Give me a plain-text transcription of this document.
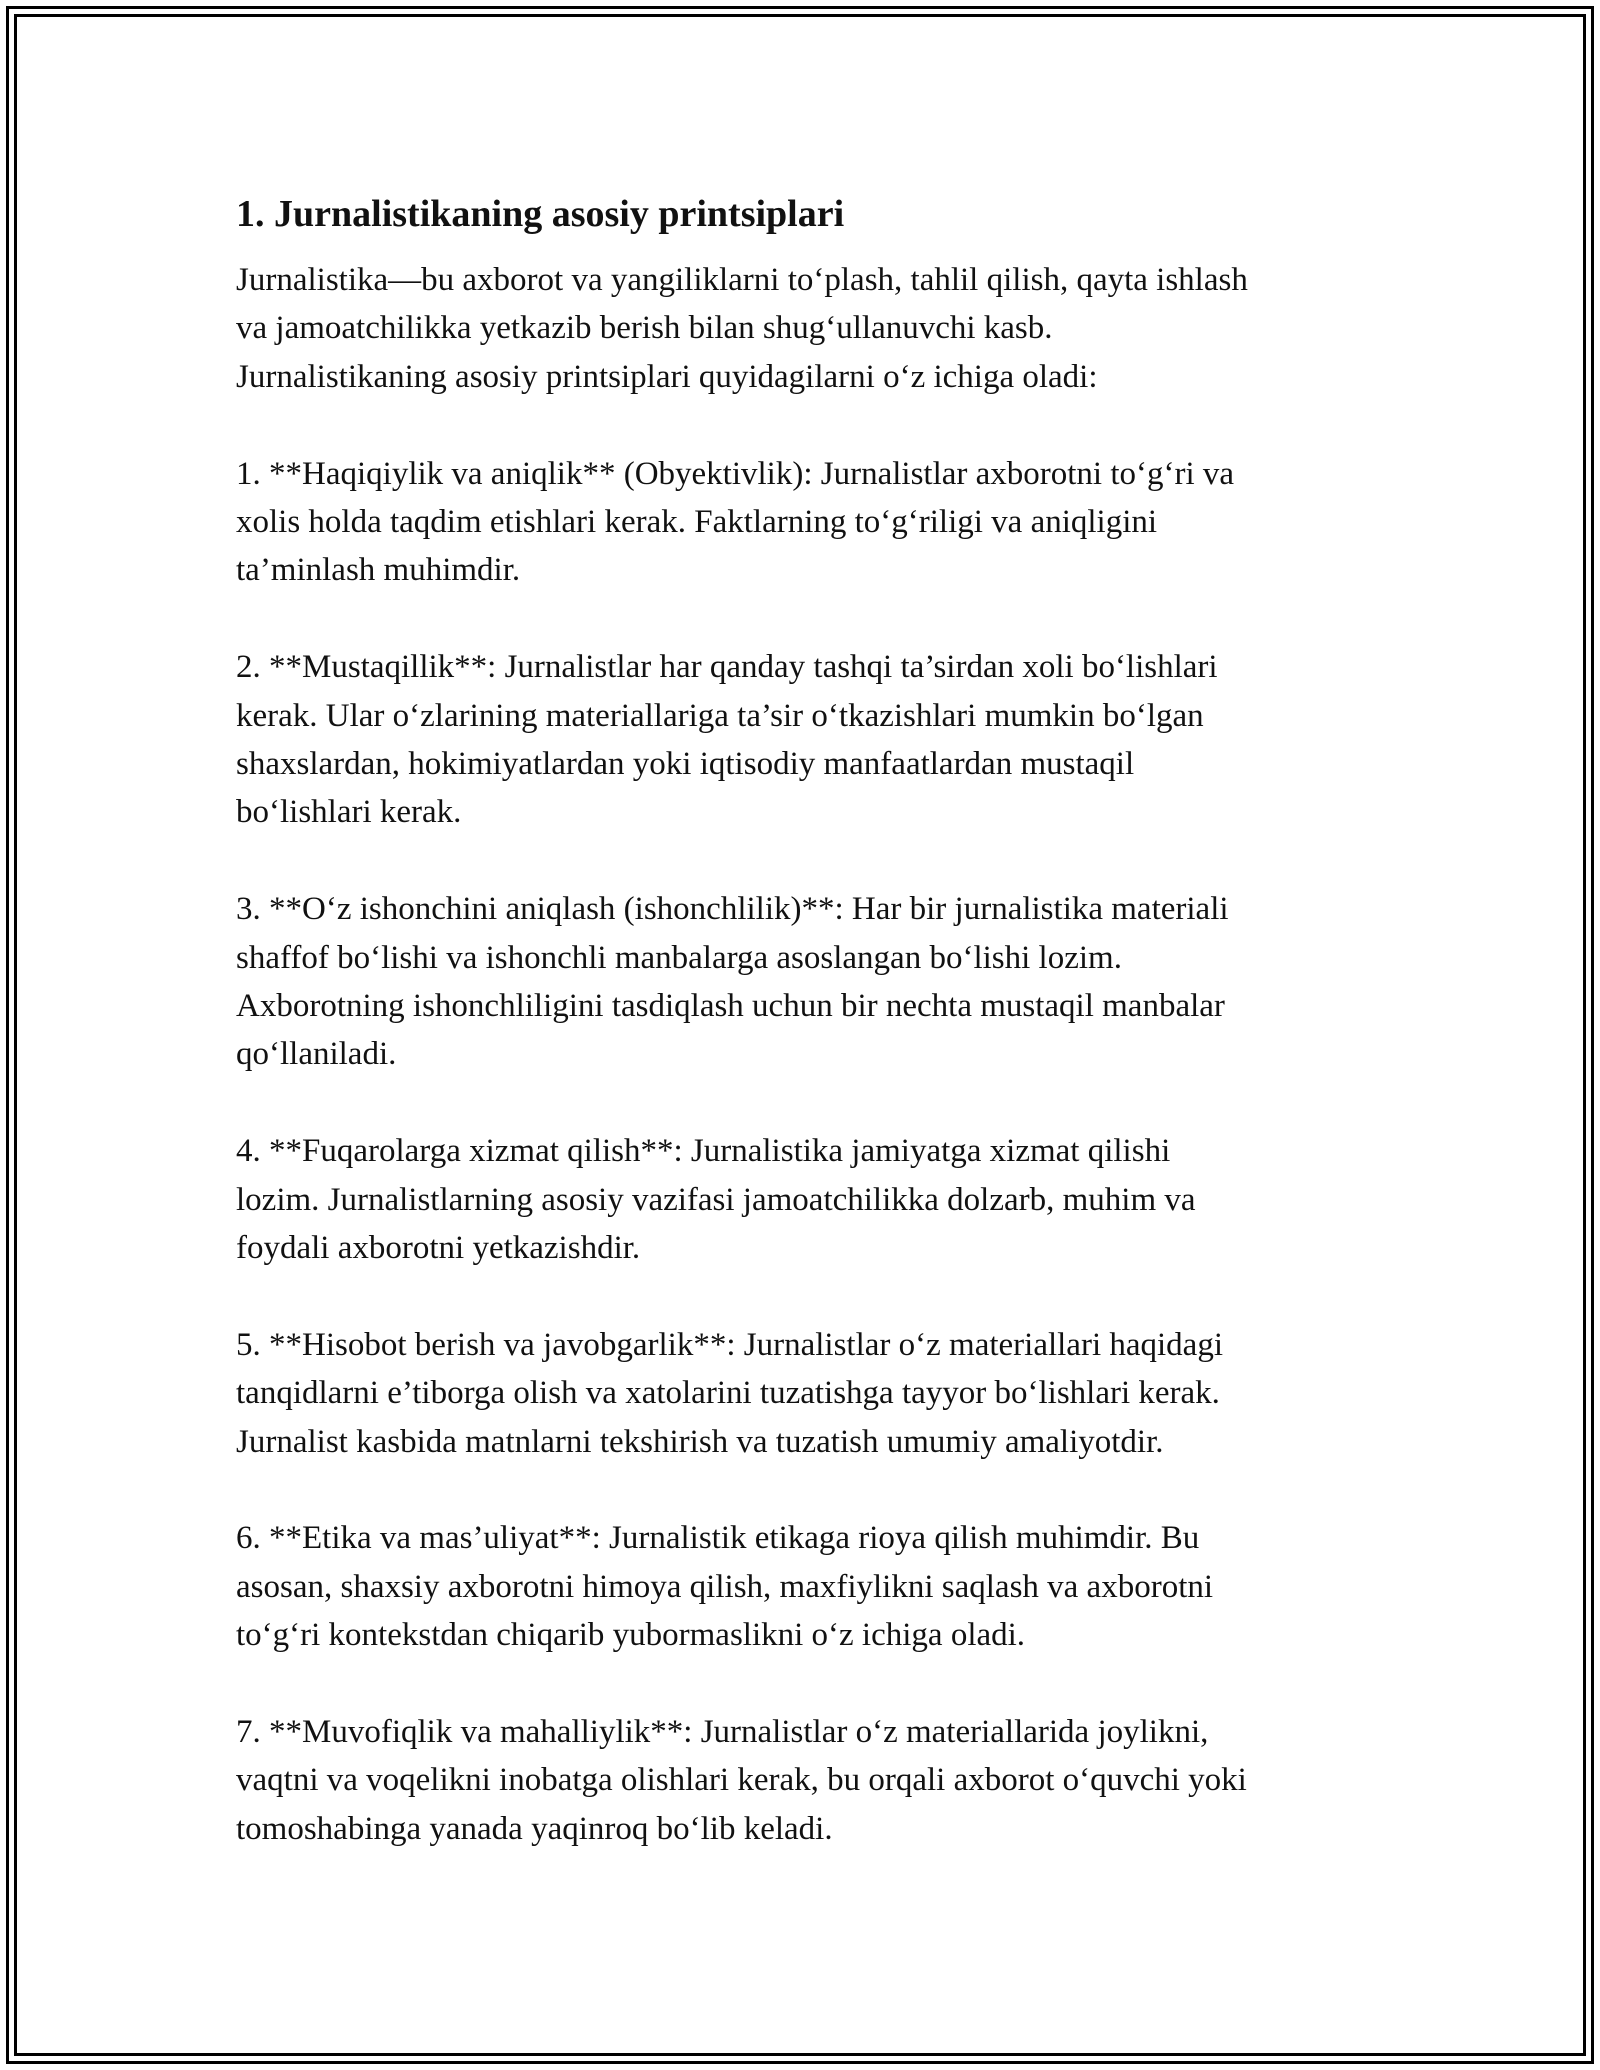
1. Jurnalistikaning asosiy printsiplari

Jurnalistika—bu axborot va yangiliklarni to‘plash, tahlil qilish, qayta ishlash
va jamoatchilikka yetkazib berish bilan shug‘ullanuvchi kasb.
Jurnalistikaning asosiy printsiplari quyidagilarni o‘z ichiga oladi:

1. **Haqiqiylik va aniqlik** (Obyektivlik): Jurnalistlar axborotni to‘g‘ri va
xolis holda taqdim etishlari kerak. Faktlarning to‘g‘riligi va aniqligini
ta’minlash muhimdir.

2. **Mustaqillik**: Jurnalistlar har qanday tashqi ta’sirdan xoli bo‘lishlari
kerak. Ular o‘zlarining materiallariga ta’sir o‘tkazishlari mumkin bo‘lgan
shaxslardan, hokimiyatlardan yoki iqtisodiy manfaatlardan mustaqil
bo‘lishlari kerak.

3. **O‘z ishonchini aniqlash (ishonchlilik)**: Har bir jurnalistika materiali
shaffof bo‘lishi va ishonchli manbalarga asoslangan bo‘lishi lozim.
Axborotning ishonchliligini tasdiqlash uchun bir nechta mustaqil manbalar
qo‘llaniladi.

4. **Fuqarolarga xizmat qilish**: Jurnalistika jamiyatga xizmat qilishi
lozim. Jurnalistlarning asosiy vazifasi jamoatchilikka dolzarb, muhim va
foydali axborotni yetkazishdir.

5. **Hisobot berish va javobgarlik**: Jurnalistlar o‘z materiallari haqidagi
tanqidlarni e’tiborga olish va xatolarini tuzatishga tayyor bo‘lishlari kerak.
Jurnalist kasbida matnlarni tekshirish va tuzatish umumiy amaliyotdir.

6. **Etika va mas’uliyat**: Jurnalistik etikaga rioya qilish muhimdir. Bu
asosan, shaxsiy axborotni himoya qilish, maxfiylikni saqlash va axborotni
to‘g‘ri kontekstdan chiqarib yubormaslikni o‘z ichiga oladi.

7. **Muvofiqlik va mahalliylik**: Jurnalistlar o‘z materiallarida joylikni,
vaqtni va voqelikni inobatga olishlari kerak, bu orqali axborot o‘quvchi yoki
tomoshabinga yanada yaqinroq bo‘lib keladi.
